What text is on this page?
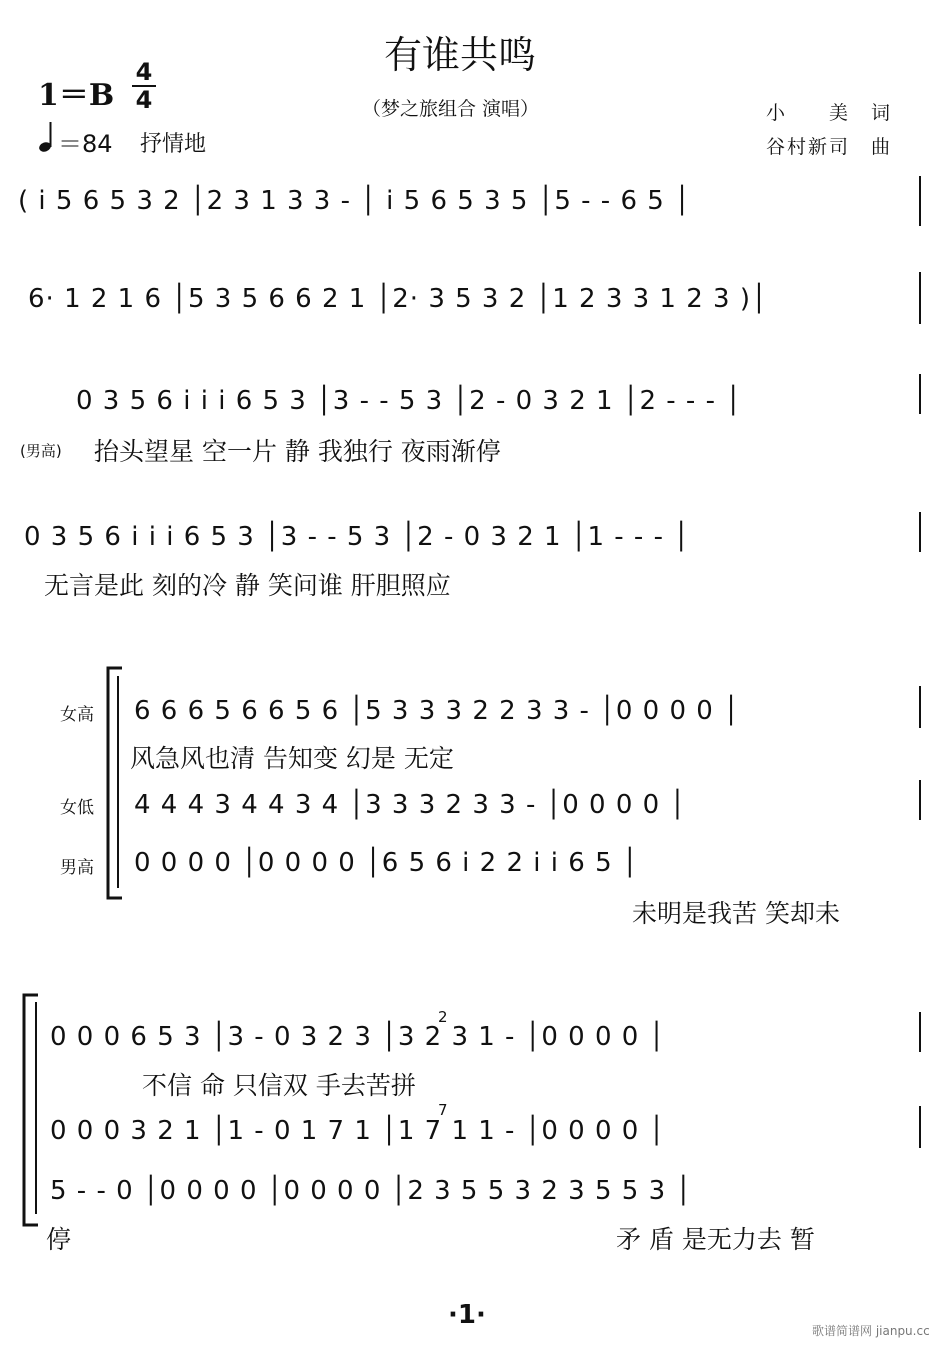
有谁共鸣
（梦之旅组合 演唱）	小　　美　词
谷村新司　曲
1＝B
4
4
＝84 抒情地
( i 5 6 5 3 2 │2 3 1 3 3 - │ i 5 6 5 3 5 │5 - - 6 5 │
6· 1 2 1 6 │5 3 5 6 6 2 1 │2· 3 5 3 2 │1 2 3 3 1 2 3 )│
0 3 5 6 i i i 6 5 3 │3 - - 5 3 │2 - 0 3 2 1 │2 - - - │
(男高) 抬头望星 空一片 静 我独行 夜雨渐停
0 3 5 6 i i i 6 5 3 │3 - - 5 3 │2 - 0 3 2 1 │1 - - - │
无言是此 刻的冷 静 笑问谁 肝胆照应
女高
女低
男高
6 6 6 5 6 6 5 6 │5 3 3 3 2 2 3 3 - │0 0 0 0 │
风急风也清 告知变 幻是 无定
4 4 4 3 4 4 3 4 │3 3 3 2 3 3 - │0 0 0 0 │
0 0 0 0 │0 0 0 0 │6 5 6 i 2 2 i i 6 5 │
未明是我苦 笑却未
0 0 0 6 5 3 │3 - 0 3 2 3 │3 2 3 1 - │0 0 0 0 │
2
不信 命 只信双 手去苦拼
0 0 0 3 2 1 │1 - 0 1 7 1 │1 7 1 1 - │0 0 0 0 │
7
5 - - 0 │0 0 0 0 │0 0 0 0 │2 3 5 5 3 2 3 5 5 3 │
停	矛 盾 是无力去 暂
·1·
歌谱简谱网 jianpu.cc
